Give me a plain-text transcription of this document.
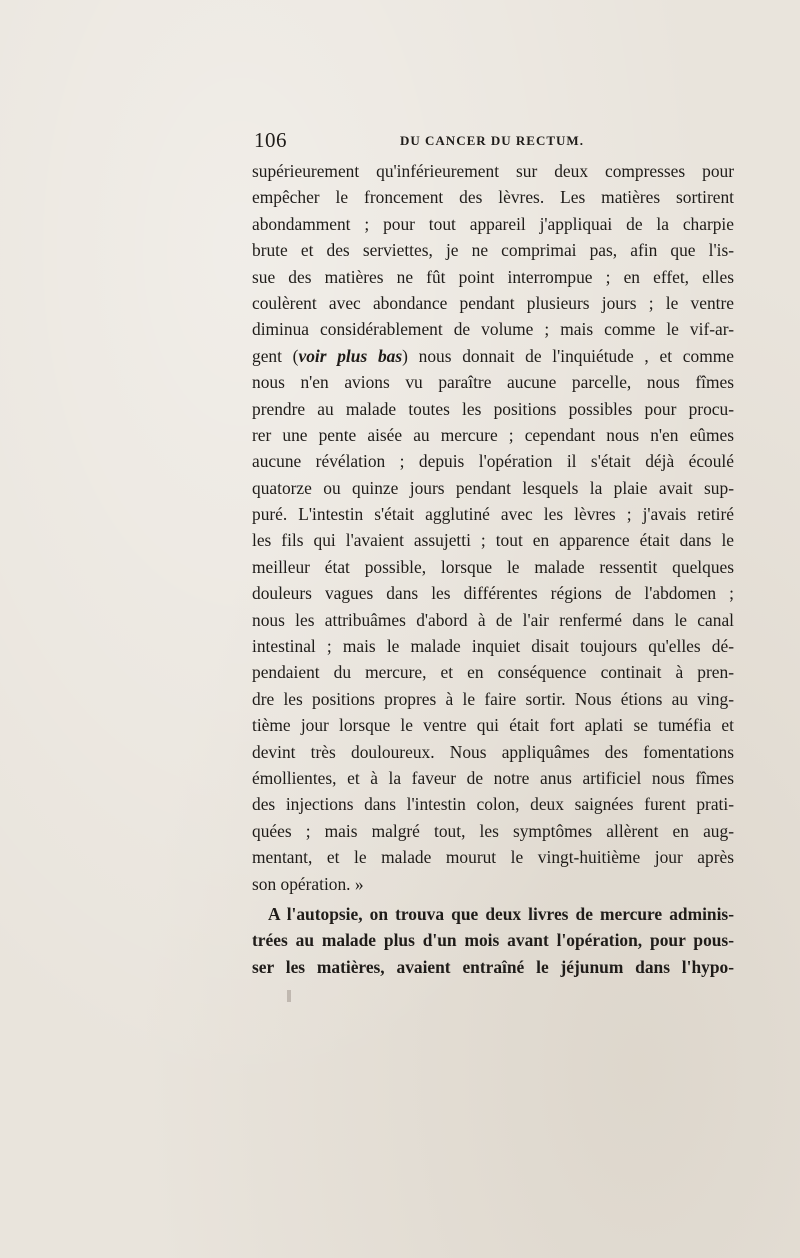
106	DU CANCER DU RECTUM.
supérieurement qu'inférieurement sur deux compresses pour
empêcher le froncement des lèvres. Les matières sortirent
abondamment ; pour tout appareil j'appliquai de la charpie
brute et des serviettes, je ne comprimai pas, afin que l'is-
sue des matières ne fût point interrompue ; en effet, elles
coulèrent avec abondance pendant plusieurs jours ; le ventre
diminua considérablement de volume ; mais comme le vif-ar-
gent (voir plus bas) nous donnait de l'inquiétude , et comme
nous n'en avions vu paraître aucune parcelle, nous fîmes
prendre au malade toutes les positions possibles pour procu-
rer une pente aisée au mercure ; cependant nous n'en eûmes
aucune révélation ; depuis l'opération il s'était déjà écoulé
quatorze ou quinze jours pendant lesquels la plaie avait sup-
puré. L'intestin s'était agglutiné avec les lèvres ; j'avais retiré
les fils qui l'avaient assujetti ; tout en apparence était dans le
meilleur état possible, lorsque le malade ressentit quelques
douleurs vagues dans les différentes régions de l'abdomen ;
nous les attribuâmes d'abord à de l'air renfermé dans le canal
intestinal ; mais le malade inquiet disait toujours qu'elles dé-
pendaient du mercure, et en conséquence continait à pren-
dre les positions propres à le faire sortir. Nous étions au ving-
tième jour lorsque le ventre qui était fort aplati se tuméfia et
devint très douloureux. Nous appliquâmes des fomentations
émollientes, et à la faveur de notre anus artificiel nous fîmes
des injections dans l'intestin colon, deux saignées furent prati-
quées ; mais malgré tout, les symptômes allèrent en aug-
mentant, et le malade mourut le vingt-huitième jour après
son opération. »
A l'autopsie, on trouva que deux livres de mercure adminis-
trées au malade plus d'un mois avant l'opération, pour pous-
ser les matières, avaient entraîné le jéjunum dans l'hypo-
